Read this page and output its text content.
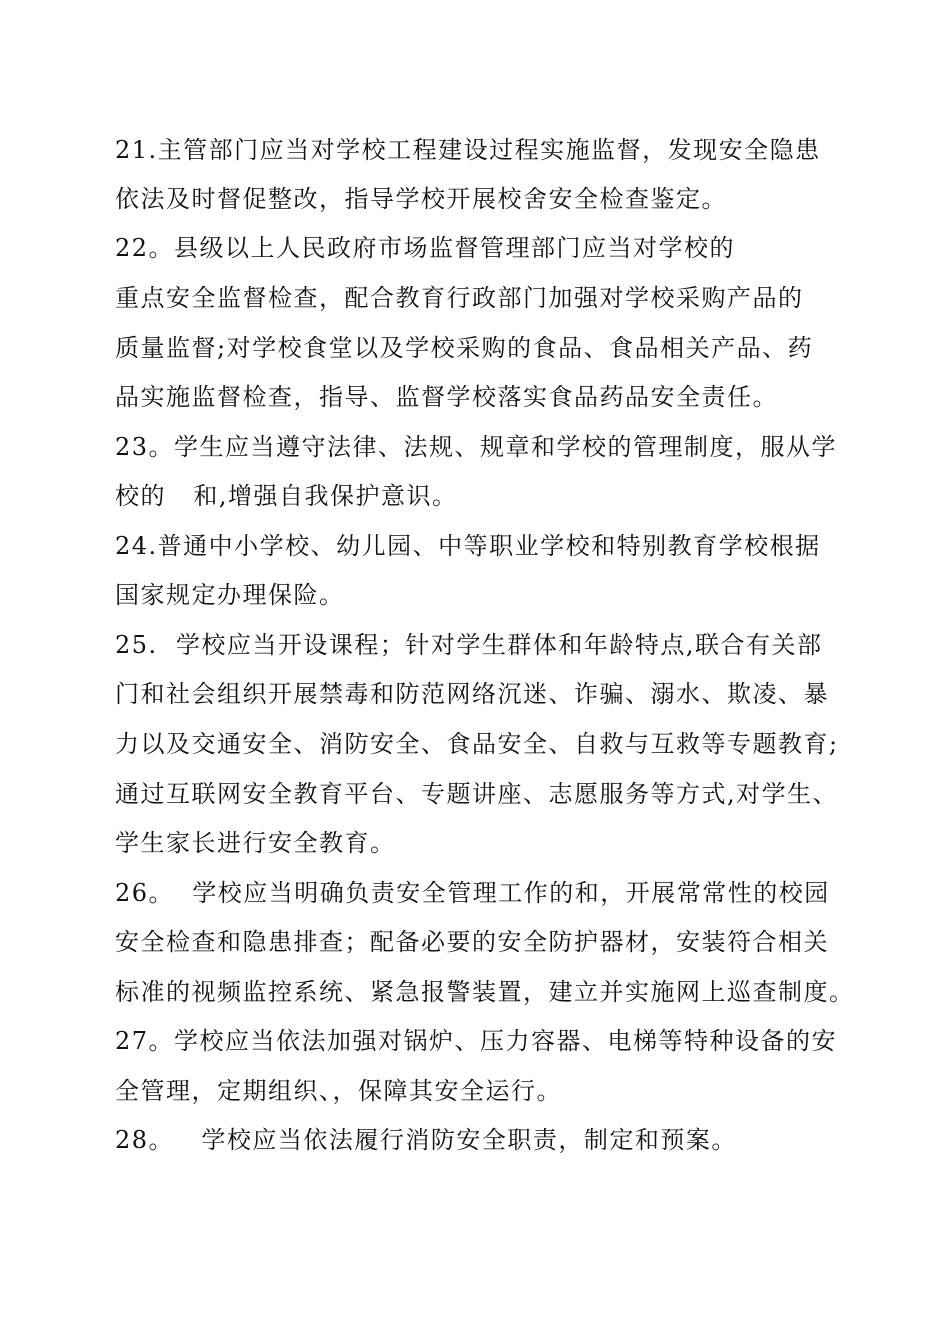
21.主管部门应当对学校工程建设过程实施监督，发现安全隐患

依法及时督促整改，指导学校开展校舍安全检查鉴定。

22。县级以上人民政府市场监督管理部门应当对学校的

重点安全监督检查，配合教育行政部门加强对学校采购产品的

质量监督;对学校食堂以及学校采购的食品、食品相关产品、药

品实施监督检查，指导、监督学校落实食品药品安全责任。

23。学生应当遵守法律、法规、规章和学校的管理制度，服从学

校的   和,增强自我保护意识。

24.普通中小学校、幼儿园、中等职业学校和特别教育学校根据

国家规定办理保险。

25.  学校应当开设课程；针对学生群体和年龄特点,联合有关部

门和社会组织开展禁毒和防范网络沉迷、诈骗、溺水、欺凌、暴

力以及交通安全、消防安全、食品安全、自救与互救等专题教育;

通过互联网安全教育平台、专题讲座、志愿服务等方式,对学生、

学生家长进行安全教育。

26。  学校应当明确负责安全管理工作的和，开展常常性的校园

安全检查和隐患排查；配备必要的安全防护器材，安装符合相关

标准的视频监控系统、紧急报警装置，建立并实施网上巡查制度。

27。学校应当依法加强对锅炉、压力容器、电梯等特种设备的安

全管理，定期组织、，保障其安全运行。

28。   学校应当依法履行消防安全职责，制定和预案。
